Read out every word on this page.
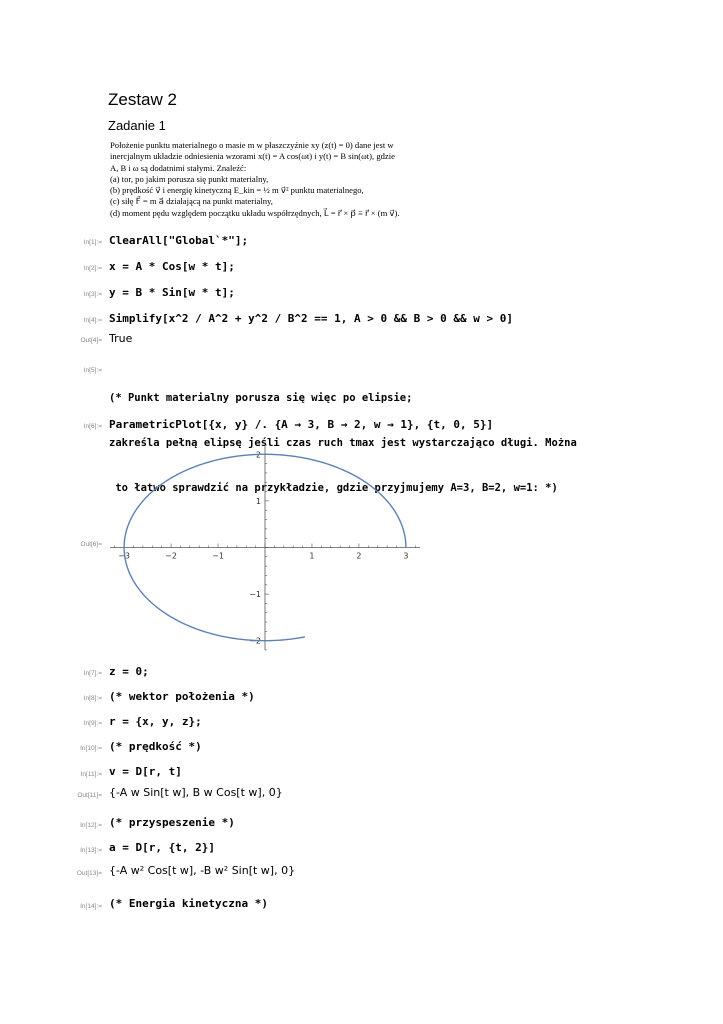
Zestaw 2
Zadanie 1
Położenie punktu materialnego o masie m w płaszczyźnie xy (z(t) = 0) dane jest w
inercjalnym układzie odniesienia wzorami x(t) = A cos(ωt) i y(t) = B sin(ωt), gdzie
A, B i ω są dodatnimi stałymi. Znaleźć:
(a) tor, po jakim porusza się punkt materialny,
(b) prędkość v⃗ i energię kinetyczną E_kin = ½ m v⃗² punktu materialnego,
(c) siłę F⃗ = m a⃗ działającą na punkt materialny,
(d) moment pędu względem początku układu współrzędnych, L⃗ = r⃗ × p⃗ ≡ r⃗ × (m v⃗).
In[1]:= ClearAll["Global`*"];
In[2]:= x = A * Cos[w * t];
In[3]:= y = B * Sin[w * t];
In[4]:= Simplify[x^2 / A^2 + y^2 / B^2 == 1, A > 0 && B > 0 && w > 0]
Out[4]= True
In[5]:=

(* Punkt materialny porusza się więc po elipsie;

zakreśla pełną elipsę jeśli czas ruch tmax jest wystarczająco długi. Można

to łatwo sprawdzić na przykładzie, gdzie przyjmujemy A=3, B=2, w=1: *)

In[6]:= ParametricPlot[{x, y} /. {A → 3, B → 2, w → 1}, {t, 0, 5}]
Out[6]=
−3	−2	−1	1	2	3
2
1
−1
−2
In[7]:= z = 0;
In[8]:= (* wektor położenia *)
In[9]:= r = {x, y, z};
In[10]:= (* prędkość *)
In[11]:= v = D[r, t]
Out[11]= {-A w Sin[t w], B w Cos[t w], 0}
In[12]:= (* przyspeszenie *)
In[13]:= a = D[r, {t, 2}]
Out[13]= {-A w² Cos[t w], -B w² Sin[t w], 0}
In[14]:= (* Energia kinetyczna *)
